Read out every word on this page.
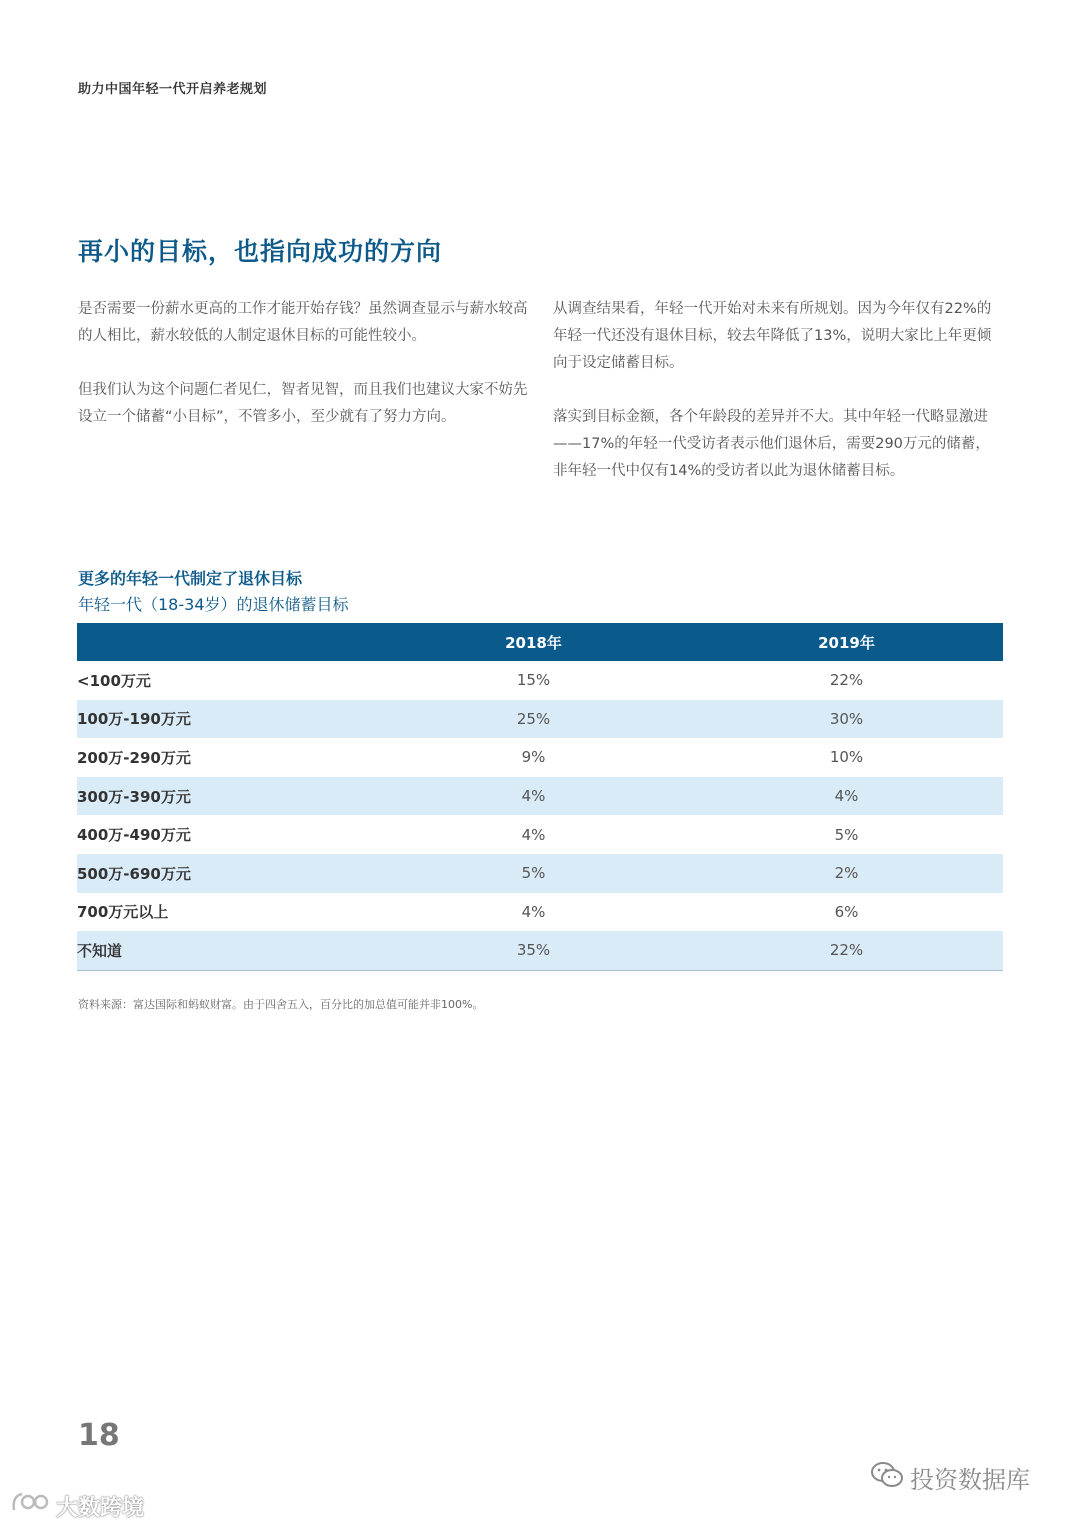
助力中国年轻一代开启养老规划
再小的目标，也指向成功的方向

是否需要一份薪水更高的工作才能开始存钱？虽然调查显示与薪水较高的人相比，薪水较低的人制定退休目标的可能性较小。

但我们认为这个问题仁者见仁，智者见智，而且我们也建议大家不妨先设立一个储蓄“小目标”，不管多小，至少就有了努力方向。

从调查结果看，年轻一代开始对未来有所规划。因为今年仅有22%的年轻一代还没有退休目标，较去年降低了13%，说明大家比上年更倾向于设定储蓄目标。

落实到目标金额，各个年龄段的差异并不大。其中年轻一代略显激进——17%的年轻一代受访者表示他们退休后，需要290万元的储蓄，非年轻一代中仅有14%的受访者以此为退休储蓄目标。

更多的年轻一代制定了退休目标
年轻一代（18-34岁）的退休储蓄目标
	2018年	2019年
<100万元	15%	22%
100万-190万元	25%	30%
200万-290万元	9%	10%
300万-390万元	4%	4%
400万-490万元	4%	5%
500万-690万元	5%	2%
700万元以上	4%	6%
不知道	35%	22%
资料来源：富达国际和蚂蚁财富。由于四舍五入，百分比的加总值可能并非100%。
18
投资数据库
大数跨境
